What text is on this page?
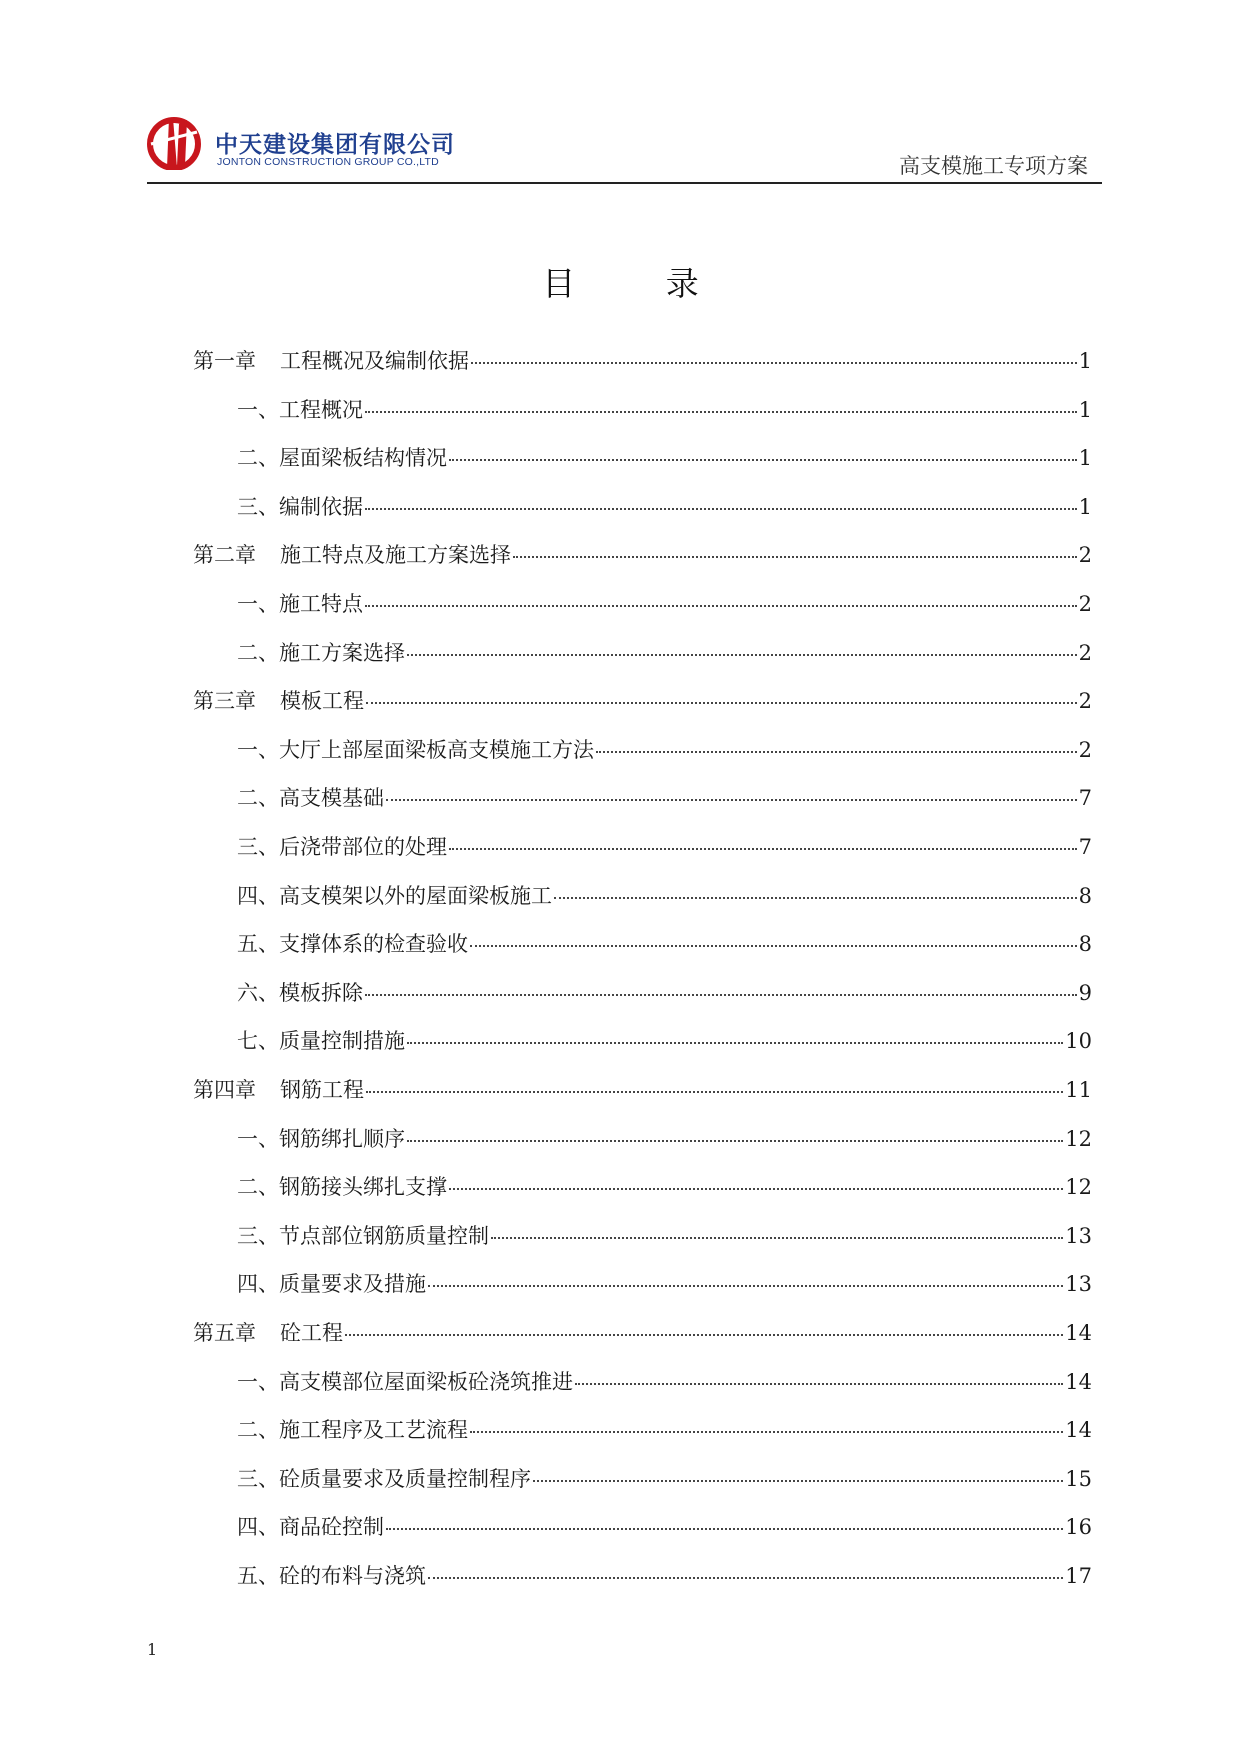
中天建设集团有限公司
JONTON CONSTRUCTION GROUP CO.,LTD	高支模施工专项方案
目 录
第一章 工程概况及编制依据	1
一、工程概况	1
二、屋面梁板结构情况	1
三、编制依据	1
第二章 施工特点及施工方案选择	2
一、施工特点	2
二、施工方案选择	2
第三章 模板工程	2
一、大厅上部屋面梁板高支模施工方法	2
二、高支模基础	7
三、后浇带部位的处理	7
四、高支模架以外的屋面梁板施工	8
五、支撑体系的检查验收	8
六、模板拆除	9
七、质量控制措施	10
第四章 钢筋工程	11
一、钢筋绑扎顺序	12
二、钢筋接头绑扎支撑	12
三、节点部位钢筋质量控制	13
四、质量要求及措施	13
第五章 砼工程	14
一、高支模部位屋面梁板砼浇筑推进	14
二、施工程序及工艺流程	14
三、砼质量要求及质量控制程序	15
四、商品砼控制	16
五、砼的布料与浇筑	17
1
